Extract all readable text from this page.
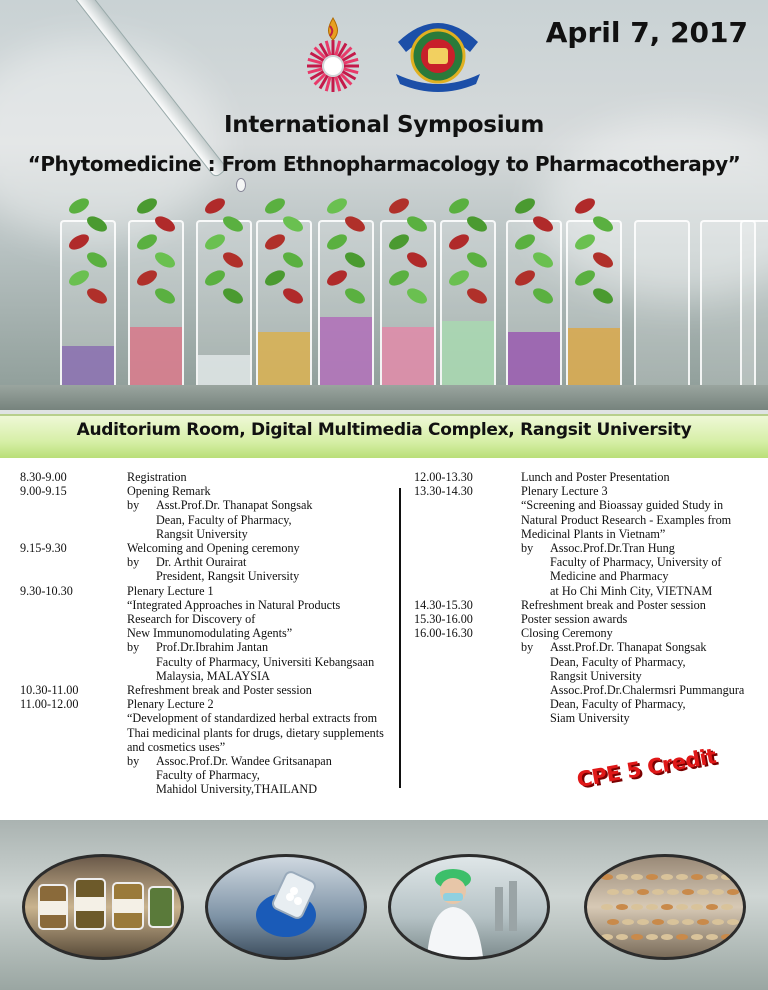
April 7, 2017
International Symposium
“Phytomedicine : From Ethnopharmacology to Pharmacotherapy”
Auditorium Room, Digital Multimedia Complex, Rangsit University
8.30-9.00	Registration
9.00-9.15	Opening Remark
by	Asst.Prof.Dr. Thanapat Songsak
Dean, Faculty of Pharmacy,
Rangsit University
9.15-9.30	Welcoming and Opening ceremony
by	Dr. Arthit Ourairat
President, Rangsit University
9.30-10.30	Plenary Lecture 1
“Integrated Approaches in Natural Products
Research for Discovery of
New Immunomodulating Agents”
by	Prof.Dr.Ibrahim Jantan
Faculty of Pharmacy, Universiti Kebangsaan
Malaysia, MALAYSIA
10.30-11.00	Refreshment break and Poster session
11.00-12.00	Plenary Lecture 2
“Development of standardized herbal extracts from
Thai medicinal plants for drugs, dietary supplements
and cosmetics uses”
by	Assoc.Prof.Dr. Wandee Gritsanapan
Faculty of Pharmacy,
Mahidol University,THAILAND
12.00-13.30	Lunch and Poster Presentation
13.30-14.30	Plenary Lecture 3
“Screening and Bioassay guided Study in
Natural Product Research - Examples from
Medicinal Plants in Vietnam”
by	Assoc.Prof.Dr.Tran Hung
Faculty of Pharmacy, University of
Medicine and Pharmacy
at Ho Chi Minh City, VIETNAM
14.30-15.30	Refreshment break and Poster session
15.30-16.00	Poster session awards
16.00-16.30	Closing Ceremony
by	Asst.Prof.Dr. Thanapat Songsak
Dean, Faculty of Pharmacy,
Rangsit University
Assoc.Prof.Dr.Chalermsri Pummangura
Dean, Faculty of Pharmacy,
Siam University
CPE 5 Credit
